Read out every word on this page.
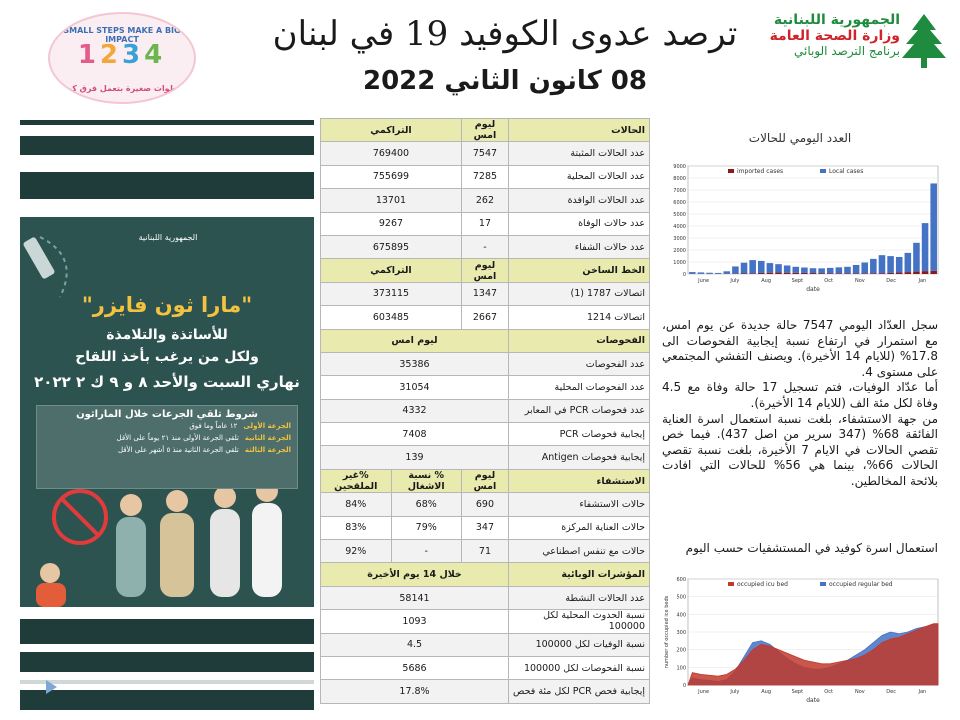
SMALL STEPS MAKE A BIG IMPACT
1234
خطوات صغيرة بتعمل فرق كبير
ترصد عدوى الكوفيد 19 في لبنان
08 كانون الثاني 2022
الجمهورية اللبنانية
وزارة الصحة العامة
برنامج الترصد الوبائي
الجمهورية اللبنانية
"مارا ثون فايزر"
للأساتذة والتلامذة
ولكل من يرغب بأخذ اللقاح
نهاري السبت والأحد ٨ و ٩ ك ٢ ٢٠٢٢
شروط تلقي الجرعات خلال الماراثون
الجرعة الأولى
١٢ عاماً وما فوق
الجرعة الثانية
تلقي الجرعة الأولى منذ ٢١ يوماً على الأقل
الجرعة الثالثة
تلقي الجرعة الثانية منذ ٥ أشهر على الأقل
الحالات	ليوم امس	التراكمي	
عدد الحالات المثبتة	7547	769400	
عدد الحالات المحلية	7285	755699	
عدد الحالات الوافدة	262	13701	
عدد حالات الوفاة	17	9267	
عدد حالات الشفاء	-	675895	
الخط الساخن	ليوم امس	التراكمي	
اتصالات 1787 (1)	1347	373115	
اتصالات 1214	2667	603485	
الفحوصات	ليوم امس		
عدد الفحوصات	35386		
عدد الفحوصات المحلية	31054		
عدد فحوصات PCR في المعابر	4332		
إيجابية فحوصات PCR	7408		
إيجابية فحوصات Antigen	139		
الاستشفاء	ليوم امس	% نسبة الاشغال	%غير الملقحين
حالات الاستشفاء	690	68%	84%
حالات العناية المركزة	347	79%	83%
حالات مع تنفس اصطناعي	71	-	92%
المؤشرات الوبائية	خلال 14 يوم الأخيرة		
عدد الحالات النشطة	58141		
نسبة الحدوث المحلية لكل 100000	1093		
نسبة الوفيات لكل 100000	4.5		
نسبة الفحوصات لكل 100000	5686		
إيجابية فحص PCR لكل مئة فحص	17.8%		
العدد اليومي للحالات
0
1000
2000
3000
4000
5000
6000
7000
8000
9000
June	July	Aug	Sept	Oct	Nov	Dec	Jan
date
imported cases	Local cases

سجل العدّاد اليومي 7547 حالة جديدة عن يوم امس، مع استمرار في ارتفاع نسبة إيجابية الفحوصات الى 17.8% (للايام 14 الأخيرة). ويصنف التفشي المجتمعي على مستوى 4.

أما عدّاد الوفيات، فتم تسجيل 17 حالة وفاة مع 4.5 وفاة لكل مئة الف (للايام 14 الأخيرة).

من جهة الاستشفاء، بلغت نسبة استعمال اسرة العناية الفائقة 68% (347 سرير من اصل 437). فيما خص تقصي الحالات في الايام 7 الأخيرة، بلغت نسبة تقصي الحالات 66%، بينما هي 56% للحالات التي افادت بلائحة المخالطين.

استعمال اسرة كوفيد في المستشفيات حسب اليوم
0
100
200
300
400
500
600
June	July	Aug	Sept	Oct	Nov	Dec	Jan
date
number of occupied ice beds
occupied icu bed	occupied regular bed
